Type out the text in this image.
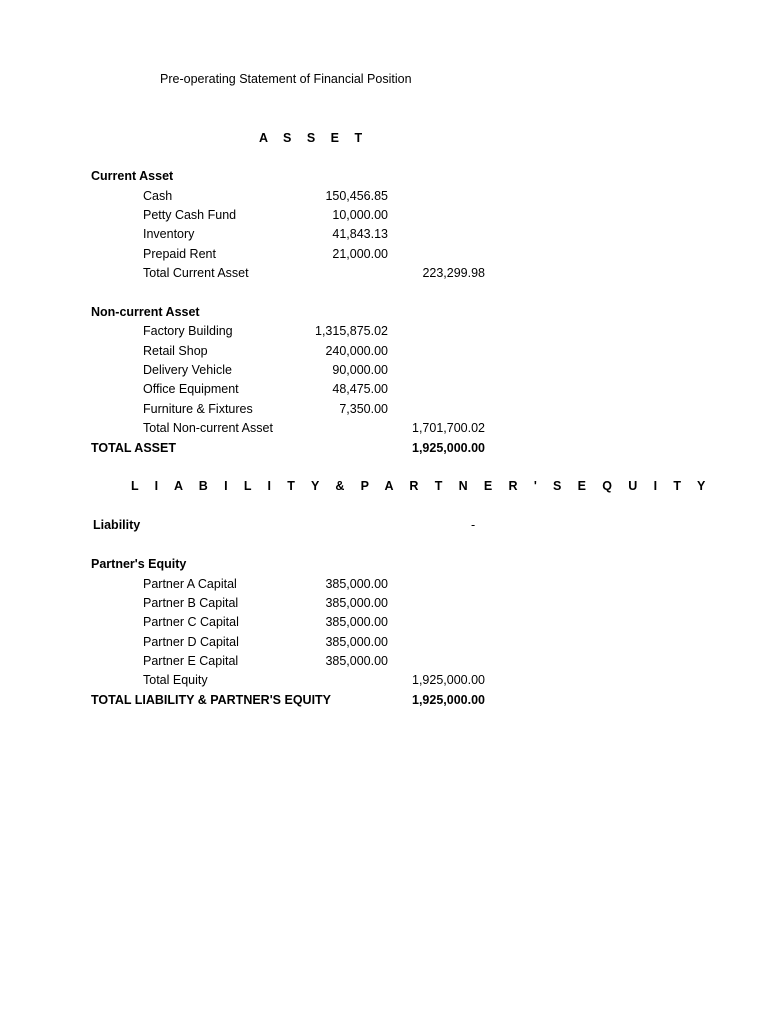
Pre-operating Statement of Financial Position
A S S E T
Current Asset
Cash	150,456.85
Petty Cash Fund	10,000.00
Inventory	41,843.13
Prepaid Rent	21,000.00
Total Current Asset	223,299.98
Non-current Asset
Factory Building	1,315,875.02
Retail Shop	240,000.00
Delivery Vehicle	90,000.00
Office Equipment	48,475.00
Furniture & Fixtures	7,350.00
Total Non-current Asset	1,701,700.02
TOTAL ASSET	1,925,000.00
L I A B I L I T Y & P A R T N E R ' S E Q U I T Y
Liability	-
Partner's Equity
Partner A Capital	385,000.00
Partner B Capital	385,000.00
Partner C Capital	385,000.00
Partner D Capital	385,000.00
Partner E Capital	385,000.00
Total Equity	1,925,000.00
TOTAL LIABILITY & PARTNER'S EQUITY	1,925,000.00
